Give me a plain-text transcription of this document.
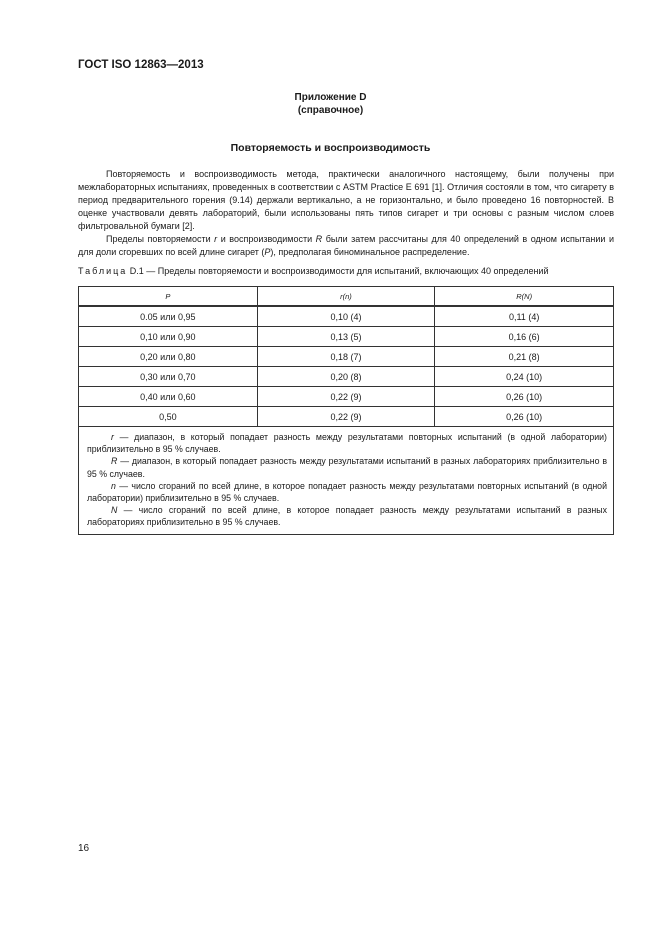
ГОСТ ISO 12863—2013
Приложение D
(справочное)
Повторяемость и воспроизводимость

Повторяемость и воспроизводимость метода, практически аналогичного настоящему, были получены при межлабораторных испытаниях, проведенных в соответствии с ASTM Practice E 691 [1]. Отличия состояли в том, что сигарету в период предварительного горения (9.14) держали вертикально, а не горизонтально, и было проведено 16 повторностей. В оценке участвовали девять лабораторий, были использованы пять типов сигарет и три основы с разным числом слоев фильтровальной бумаги [2].

Пределы повторяемости r и воспроизводимости R были затем рассчитаны для 40 определений в одном испытании и для доли сгоревших по всей длине сигарет (P), предполагая биноминальное распределение.

Таблица D.1 — Пределы повторяемости и воспроизводимости для испытаний, включающих 40 определений
P	r(n)	R(N)
0.05 или 0,95	0,10 (4)	0,11 (4)
0,10 или 0,90	0,13 (5)	0,16 (6)
0,20 или 0,80	0,18 (7)	0,21 (8)
0,30 или 0,70	0,20 (8)	0,24 (10)
0,40 или 0,60	0,22 (9)	0,26 (10)
0,50	0,22 (9)	0,26 (10)

r — диапазон, в который попадает разность между результатами повторных испытаний (в одной лаборатории) приблизительно в 95 % случаев.

R — диапазон, в который попадает разность между результатами испытаний в разных лабораториях приблизительно в 95 % случаев.

n — число сгораний по всей длине, в которое попадает разность между результатами повторных испытаний (в одной лаборатории) приблизительно в 95 % случаев.

N — число сгораний по всей длине, в которое попадает разность между результатами испытаний в разных лабораториях приблизительно в 95 % случаев.		

16
